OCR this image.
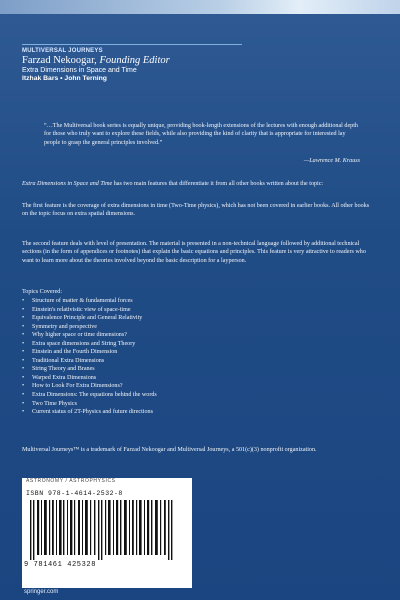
MULTIVERSAL JOURNEYS
Farzad Nekoogar, Founding Editor
Extra Dimensions in Space and Time
Itzhak Bars • John Terning
“…The Multiversal book series is equally unique, providing book-length extensions of the lectures with enough additional depth for those who truly want to explore these fields, while also providing the kind of clarity that is appropriate for interested lay people to grasp the general principles involved.”
—Lawrence M. Krauss
Extra Dimensions in Space and Time has two main features that differentiate it from all other books written about the topic:
The first feature is the coverage of extra dimensions in time (Two-Time physics), which has not been covered in earlier books. All other books on the topic focus on extra spatial dimensions.
The second feature deals with level of presentation. The material is presented in a non-technical language followed by additional technical sections (in the form of appendices or footnotes) that explain the basic equations and principles. This feature is very attractive to readers who want to learn more about the theories involved beyond the basic description for a layperson.
Topics Covered:
• Structure of matter & fundamental forces
• Einstein's relativistic view of space-time
• Equivalence Principle and General Relativity
• Symmetry and perspective
• Why higher space or time dimensions?
• Extra space dimensions and String Theory
• Einstein and the Fourth Dimension
• Traditional Extra Dimensions
• String Theory and Branes
• Warped Extra Dimensions
• How to Look For Extra Dimensions?
• Extra Dimensions: The equations behind the words
• Two Time Physics
• Current status of 2T-Physics and future directions
Multiversal Journeys™ is a trademark of Farzad Nekoogar and Multiversal Journeys, a 501(c)(3) nonprofit organization.
ASTRONOMY / ASTROPHYSICS
ISBN 978-1-4614-2532-8
9 781461 425328
springer.com
